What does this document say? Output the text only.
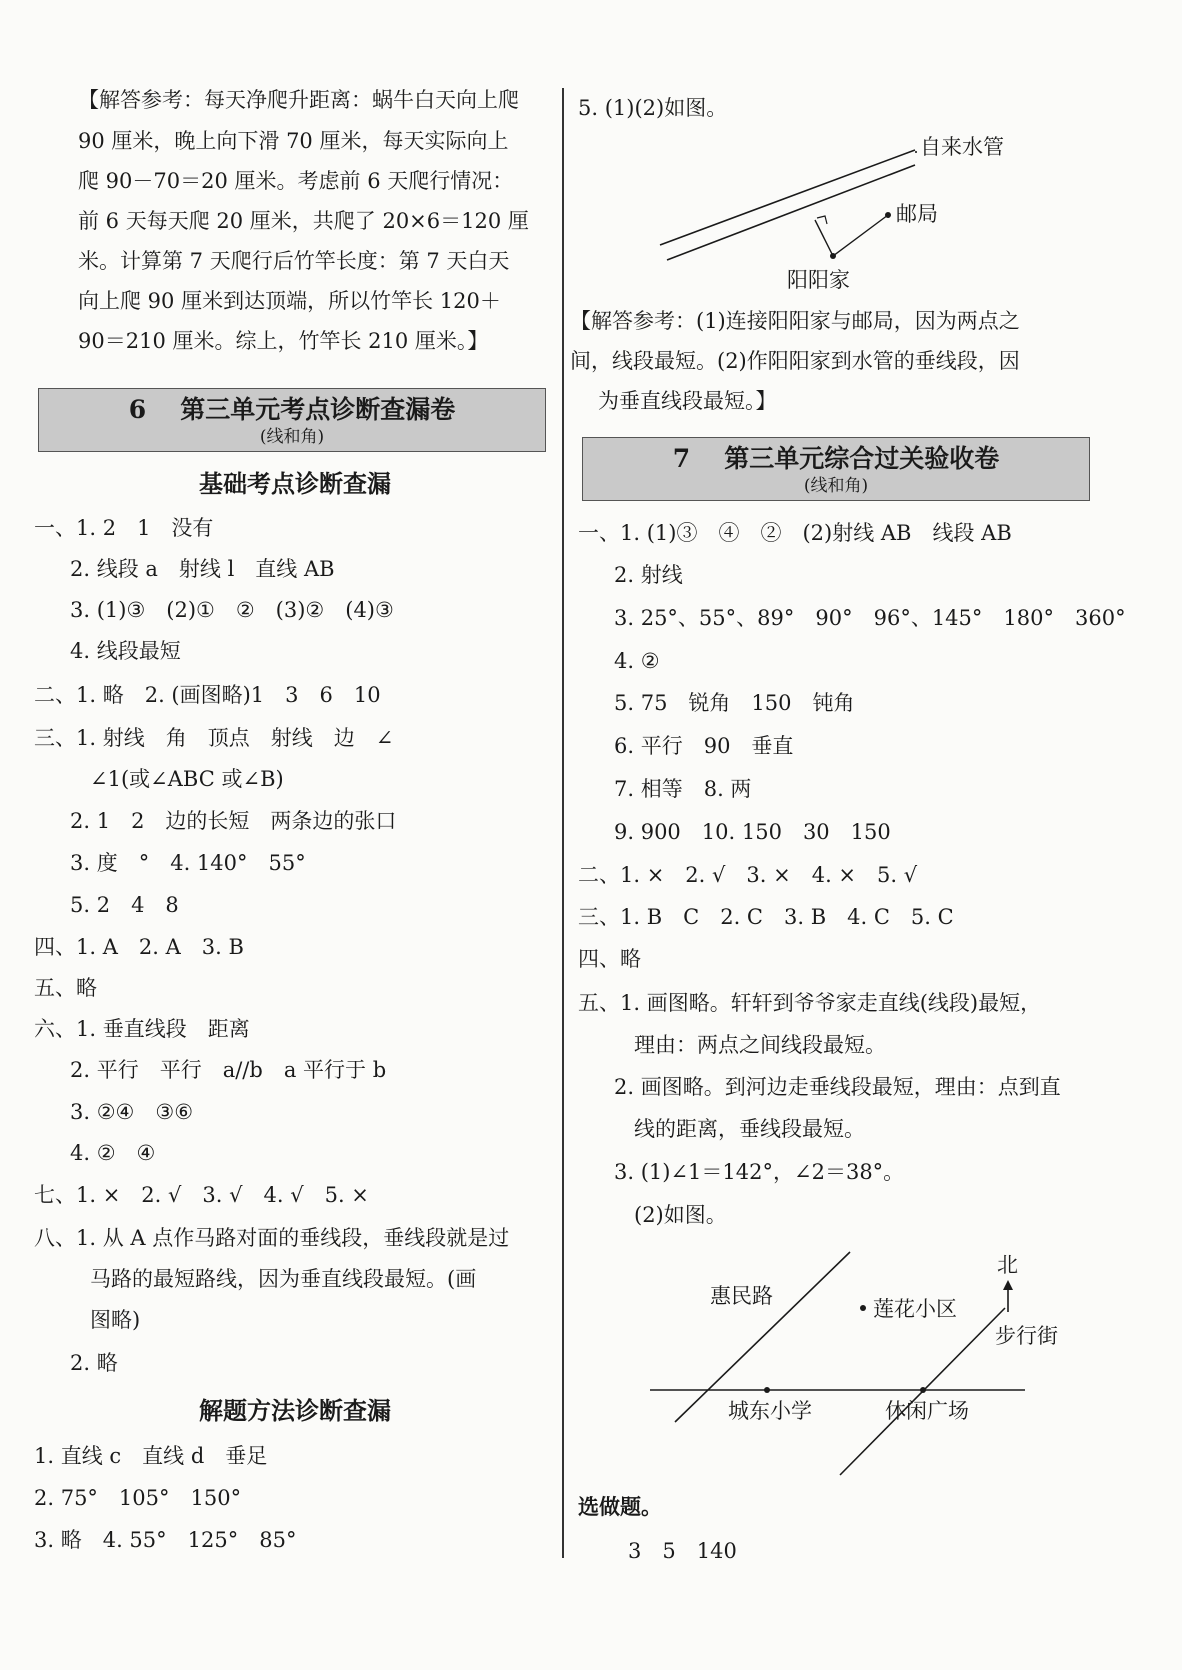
【解答参考：每天净爬升距离：蜗牛白天向上爬
90 厘米，晚上向下滑 70 厘米，每天实际向上
爬 90－70＝20 厘米。考虑前 6 天爬行情况：
前 6 天每天爬 20 厘米，共爬了 20×6＝120 厘
米。计算第 7 天爬行后竹竿长度：第 7 天白天
向上爬 90 厘米到达顶端，所以竹竿长 120＋
90＝210 厘米。综上，竹竿长 210 厘米。】
6 第三单元考点诊断查漏卷
(线和角)
基础考点诊断查漏
一、1. 2　1　没有
2. 线段 a　射线 l　直线 AB
3. (1)③　(2)①　②　(3)②　(4)③
4. 线段最短
二、1. 略　2. (画图略)1　3　6　10
三、1. 射线　角　顶点　射线　边　∠
∠1(或∠ABC 或∠B)
2. 1　2　边的长短　两条边的张口
3. 度　°　4. 140°　55°
5. 2　4　8
四、1. A　2. A　3. B
五、略
六、1. 垂直线段　距离
2. 平行　平行　a//b　a 平行于 b
3. ②④　③⑥
4. ②　④
七、1. ×　2. √　3. √　4. √　5. ×
八、1. 从 A 点作马路对面的垂线段，垂线段就是过
马路的最短路线，因为垂直线段最短。(画
图略)
2. 略
解题方法诊断查漏
1. 直线 c　直线 d　垂足
2. 75°　105°　150°
3. 略　4. 55°　125°　85°
5. (1)(2)如图。
自来水管
邮局
阳阳家
【解答参考：(1)连接阳阳家与邮局，因为两点之
间，线段最短。(2)作阳阳家到水管的垂线段，因
为垂直线段最短。】
7 第三单元综合过关验收卷
(线和角)
一、1. (1)③　④　②　(2)射线 AB　线段 AB
2. 射线
3. 25°、55°、89°　90°　96°、145°　180°　360°
4. ②
5. 75　锐角　150　钝角
6. 平行　90　垂直
7. 相等　8. 两
9. 900　10. 150　30　150
二、1. ×　2. √　3. ×　4. ×　5. √
三、1. B　C　2. C　3. B　4. C　5. C
四、略
五、1. 画图略。轩轩到爷爷家走直线(线段)最短，
理由：两点之间线段最短。
2. 画图略。到河边走垂线段最短，理由：点到直
线的距离，垂线段最短。
3. (1)∠1＝142°，∠2＝38°。
(2)如图。
北
惠民路
莲花小区
步行街
城东小学	休闲广场
选做题。
3　5　140
